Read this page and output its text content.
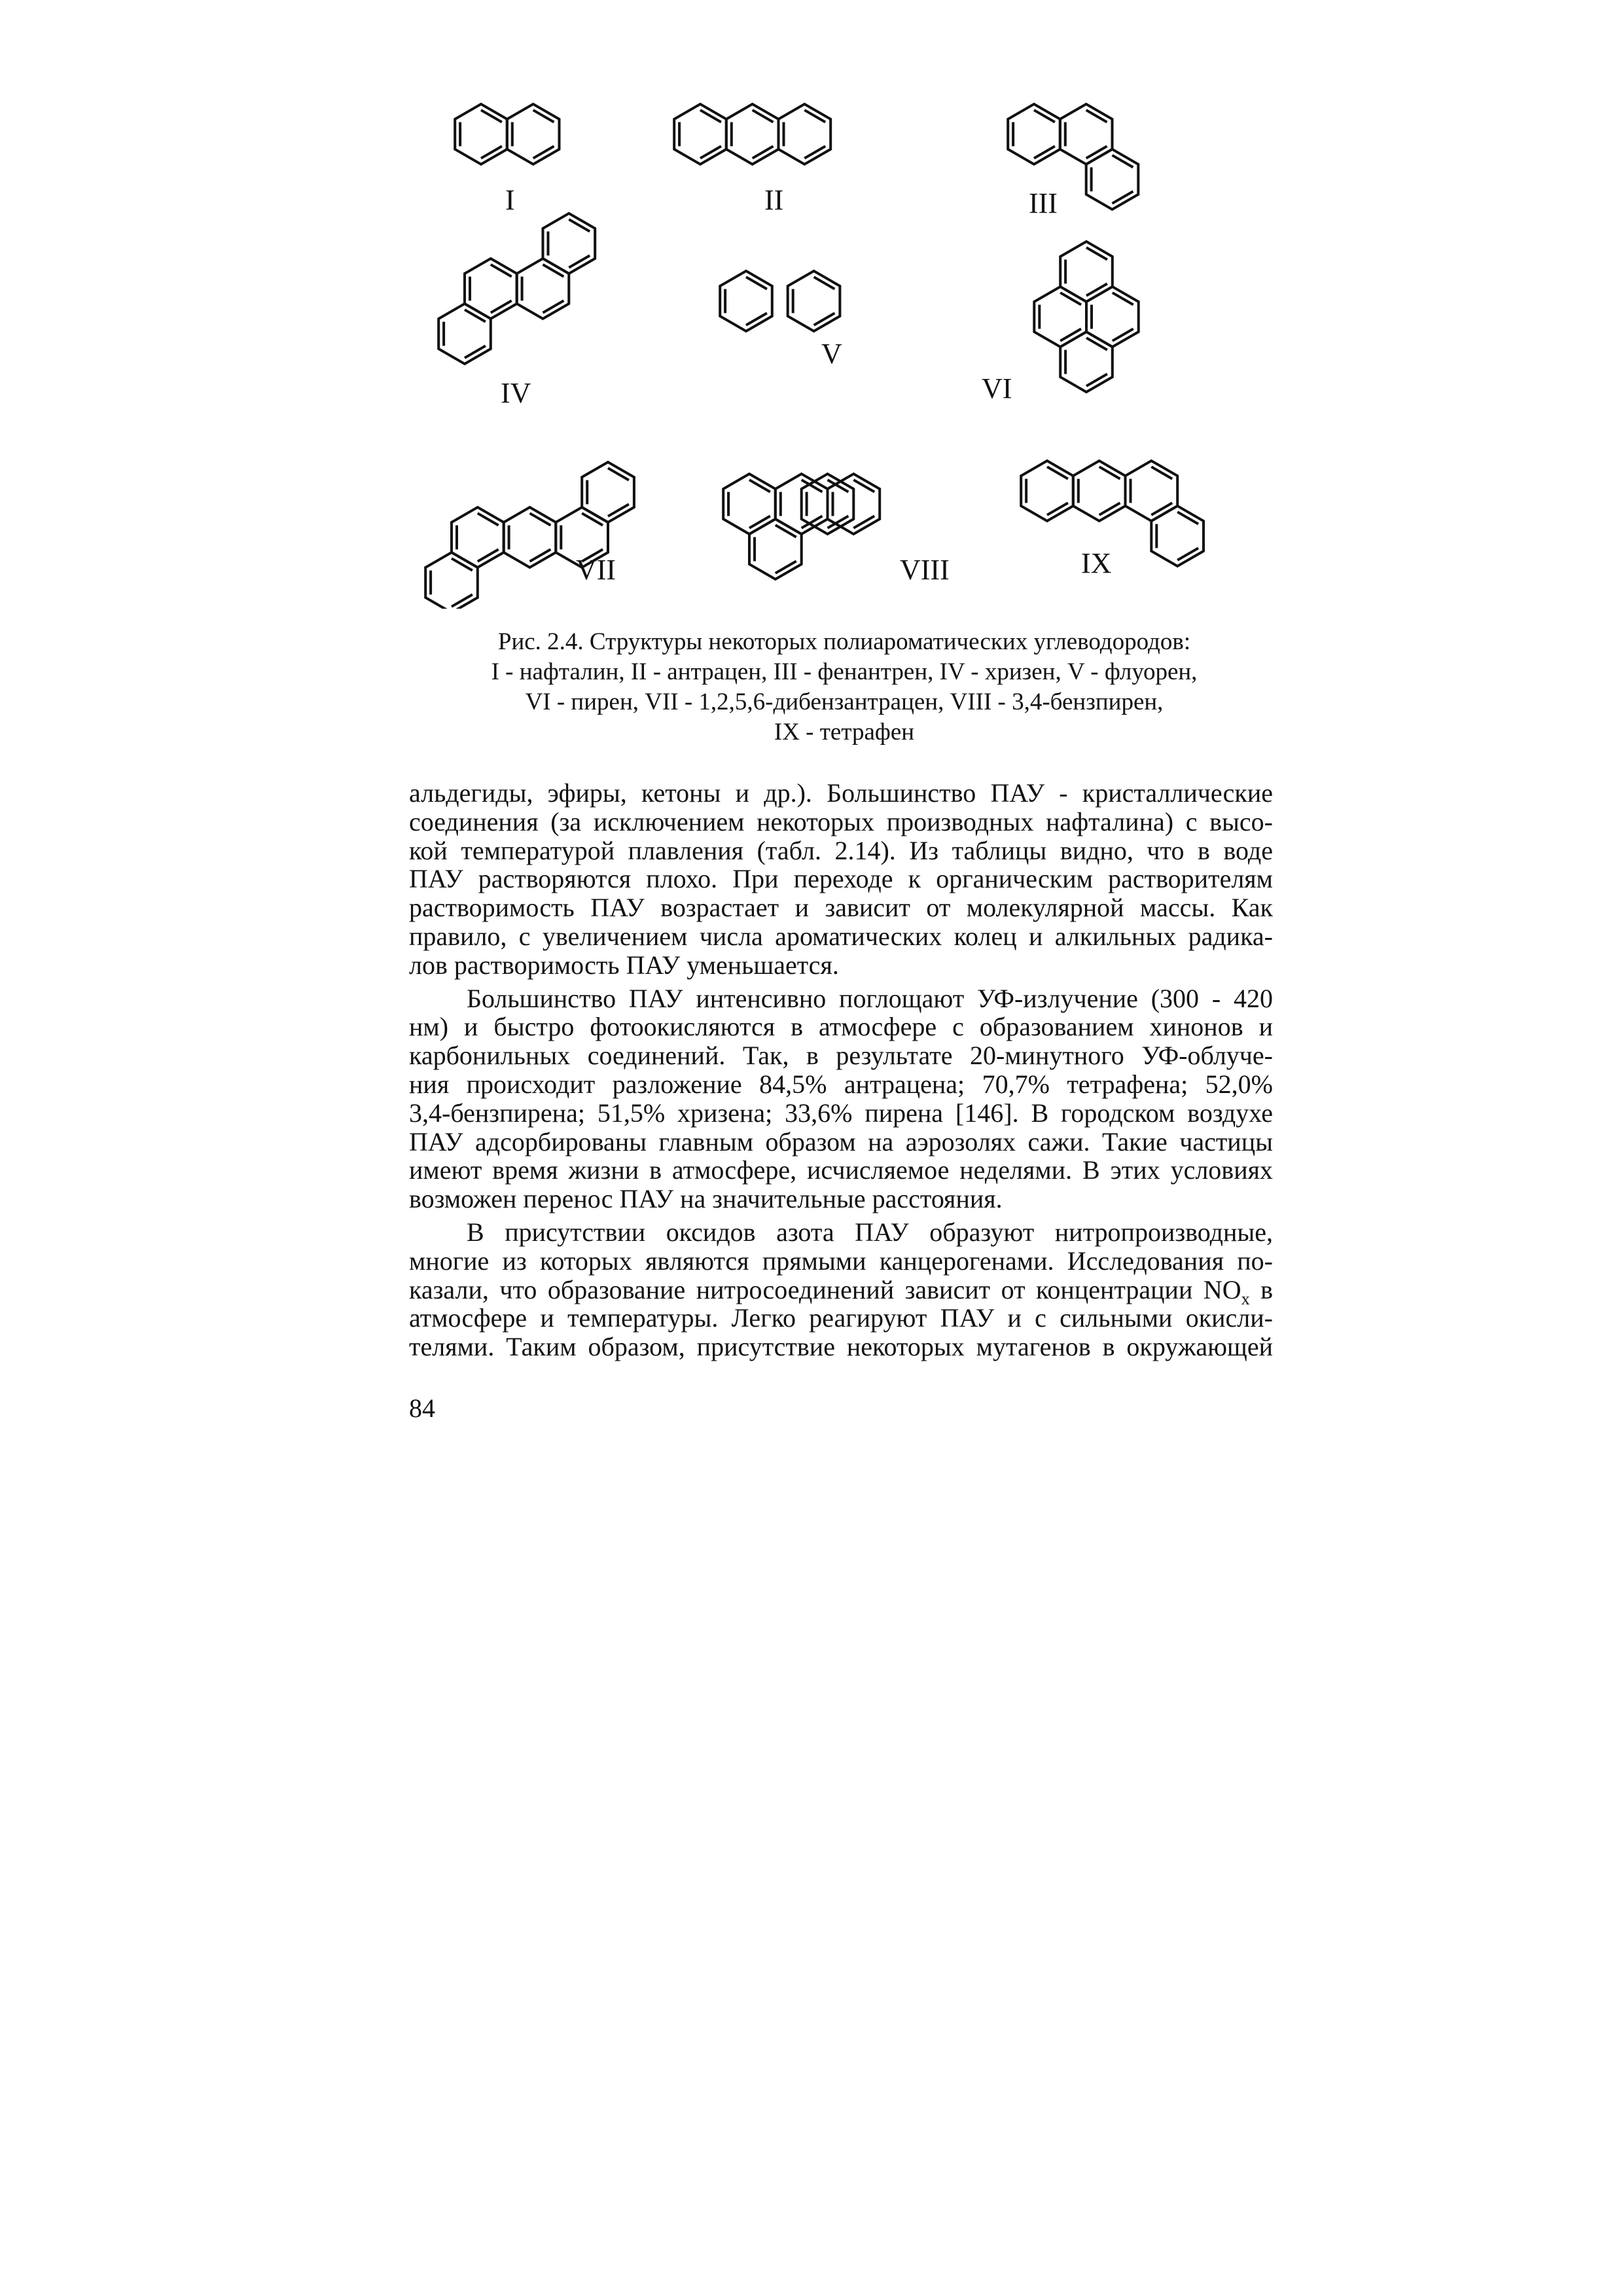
I	II	III
IV
V
VI
VII	VIII	IX
Рис. 2.4. Структуры некоторых полиароматических углеводородов:
I - нафталин, II - антрацен, III - фенантрен, IV - хризен, V - флуорен,
VI - пирен, VII - 1,2,5,6-дибензантрацен, VIII - 3,4-бензпирен,
IX - тетрафен
альдегиды, эфиры, кетоны и др.). Большинство ПАУ - кристаллические
соединения (за исключением некоторых производных нафталина) с высо-
кой температурой плавления (табл. 2.14). Из таблицы видно, что в воде
ПАУ растворяются плохо. При переходе к органическим растворителям
растворимость ПАУ возрастает и зависит от молекулярной массы. Как
правило, с увеличением числа ароматических колец и алкильных радика-
лов растворимость ПАУ уменьшается.
Большинство ПАУ интенсивно поглощают УФ-излучение (300 - 420
нм) и быстро фотоокисляются в атмосфере с образованием хинонов и
карбонильных соединений. Так, в результате 20-минутного УФ-облуче-
ния происходит разложение 84,5% антрацена; 70,7% тетрафена; 52,0%
3,4-бензпирена; 51,5% хризена; 33,6% пирена [146]. В городском воздухе
ПАУ адсорбированы главным образом на аэрозолях сажи. Такие частицы
имеют время жизни в атмосфере, исчисляемое неделями. В этих условиях
возможен перенос ПАУ на значительные расстояния.
В присутствии оксидов азота ПАУ образуют нитропроизводные,
многие из которых являются прямыми канцерогенами. Исследования по-
казали, что образование нитросоединений зависит от концентрации $NO_x$ в
атмосфере и температуры. Легко реагируют ПАУ и с сильными окисли-
телями. Таким образом, присутствие некоторых мутагенов в окружающей
84
